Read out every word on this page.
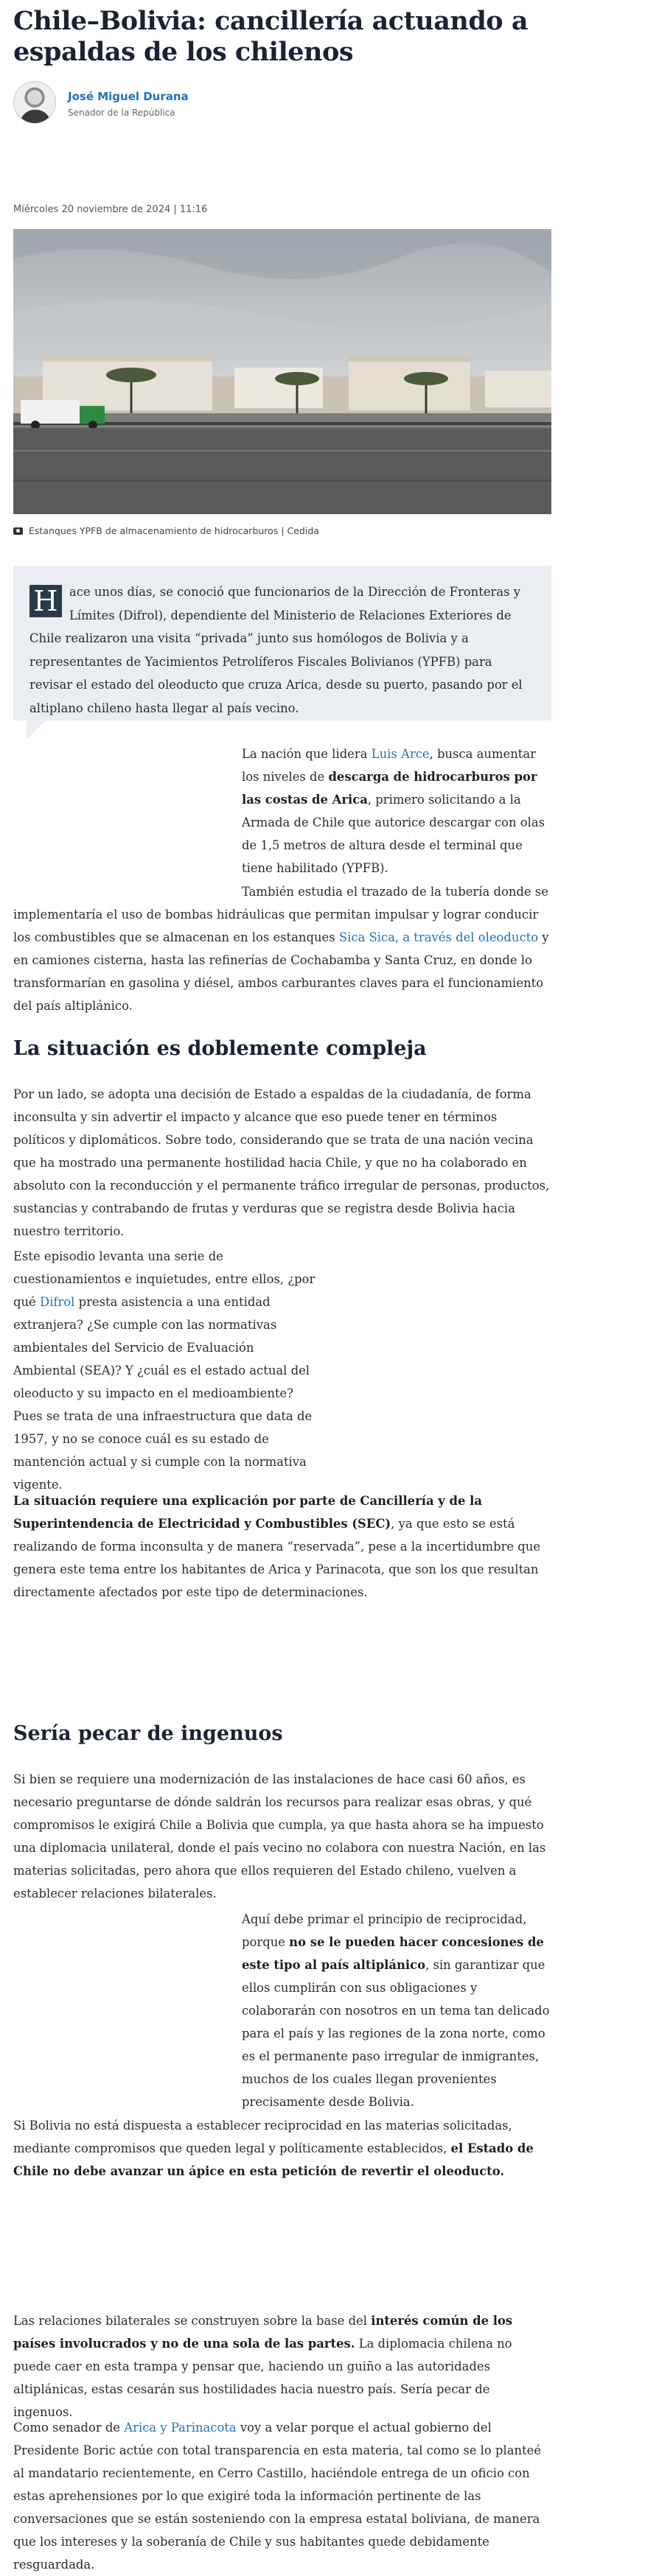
Chile–Bolivia: cancillería actuando a espaldas de los chilenos
José Miguel Durana
Senador de la República
Miércoles 20 noviembre de 2024 | 11:16
Estanques YPFB de almacenamiento de hidrocarburos | Cedida
H ace unos días, se conoció que funcionarios de la Dirección de Fronteras y Límites (Difrol), dependiente del Ministerio de Relaciones Exteriores de Chile realizaron una visita “privada” junto sus homólogos de Bolivia y a representantes de Yacimientos Petrolíferos Fiscales Bolivianos (YPFB) para revisar el estado del oleoducto que cruza Arica, desde su puerto, pasando por el altiplano chileno hasta llegar al país vecino.

La nación que lidera Luis Arce, busca aumentar los niveles de descarga de hidrocarburos por las costas de Arica, primero solicitando a la Armada de Chile que autorice descargar con olas de 1,5 metros de altura desde el terminal que tiene habilitado (YPFB).

También estudia el trazado de la tubería donde se implementaría el uso de bombas hidráulicas que permitan impulsar y lograr conducir los combustibles que se almacenan en los estanques Sica Sica, a través del oleoducto y en camiones cisterna, hasta las refinerías de Cochabamba y Santa Cruz, en donde lo transformarían en gasolina y diésel, ambos carburantes claves para el funcionamiento del país altiplánico.

La situación es doblemente compleja

Por un lado, se adopta una decisión de Estado a espaldas de la ciudadanía, de forma inconsulta y sin advertir el impacto y alcance que eso puede tener en términos políticos y diplomáticos. Sobre todo, considerando que se trata de una nación vecina que ha mostrado una permanente hostilidad hacia Chile, y que no ha colaborado en absoluto con la reconducción y el permanente tráfico irregular de personas, productos, sustancias y contrabando de frutas y verduras que se registra desde Bolivia hacia nuestro territorio.

Este episodio levanta una serie de cuestionamientos e inquietudes, entre ellos, ¿por qué Difrol presta asistencia a una entidad extranjera? ¿Se cumple con las normativas ambientales del Servicio de Evaluación Ambiental (SEA)? Y ¿cuál es el estado actual del oleoducto y su impacto en el medioambiente? Pues se trata de una infraestructura que data de 1957, y no se conoce cuál es su estado de mantención actual y si cumple con la normativa vigente.

La situación requiere una explicación por parte de Cancillería y de la Superintendencia de Electricidad y Combustibles (SEC), ya que esto se está realizando de forma inconsulta y de manera “reservada”, pese a la incertidumbre que genera este tema entre los habitantes de Arica y Parinacota, que son los que resultan directamente afectados por este tipo de determinaciones.

Sería pecar de ingenuos

Si bien se requiere una modernización de las instalaciones de hace casi 60 años, es necesario preguntarse de dónde saldrán los recursos para realizar esas obras, y qué compromisos le exigirá Chile a Bolivia que cumpla, ya que hasta ahora se ha impuesto una diplomacia unilateral, donde el país vecino no colabora con nuestra Nación, en las materias solicitadas, pero ahora que ellos requieren del Estado chileno, vuelven a establecer relaciones bilaterales.

Aquí debe primar el principio de reciprocidad, porque no se le pueden hacer concesiones de este tipo al país altiplánico, sin garantizar que ellos cumplirán con sus obligaciones y colaborarán con nosotros en un tema tan delicado para el país y las regiones de la zona norte, como es el permanente paso irregular de inmigrantes, muchos de los cuales llegan provenientes precisamente desde Bolivia.

Si Bolivia no está dispuesta a establecer reciprocidad en las materias solicitadas, mediante compromisos que queden legal y políticamente establecidos, el Estado de Chile no debe avanzar un ápice en esta petición de revertir el oleoducto.

Las relaciones bilaterales se construyen sobre la base del interés común de los países involucrados y no de una sola de las partes. La diplomacia chilena no puede caer en esta trampa y pensar que, haciendo un guiño a las autoridades altiplánicas, estas cesarán sus hostilidades hacia nuestro país. Sería pecar de ingenuos.

Como senador de Arica y Parinacota voy a velar porque el actual gobierno del Presidente Boric actúe con total transparencia en esta materia, tal como se lo planteé al mandatario recientemente, en Cerro Castillo, haciéndole entrega de un oficio con estas aprehensiones por lo que exigiré toda la información pertinente de las conversaciones que se están sosteniendo con la empresa estatal boliviana, de manera que los intereses y la soberanía de Chile y sus habitantes quede debidamente resguardada.
